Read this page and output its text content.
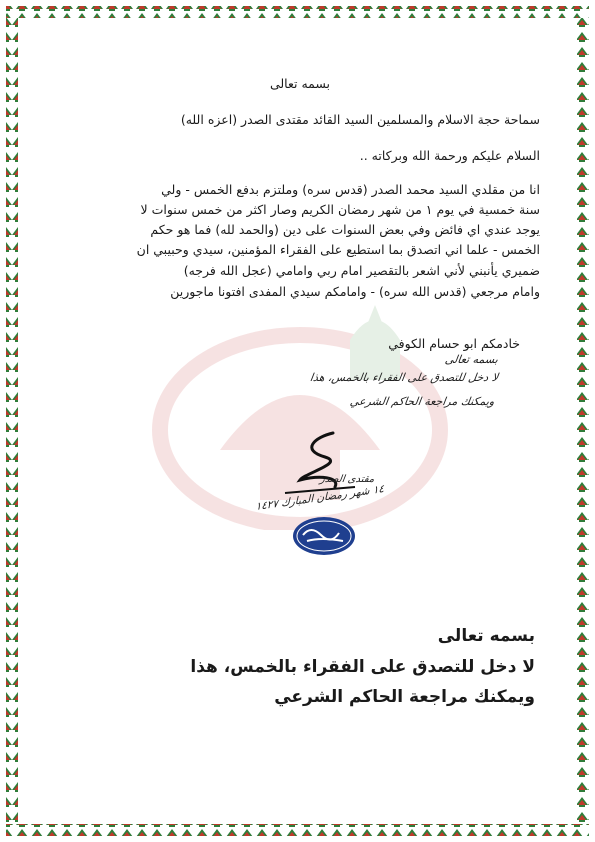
بسمه تعالى
سماحة حجة الاسلام والمسلمين السيد القائد مقتدى الصدر (اعزه الله)
السلام عليكم ورحمة الله وبركاته ..
انا من مقلدي السيد محمد الصدر (قدس سره) وملتزم بدفع الخمس - ولي
سنة خمسية في يوم ١ من شهر رمضان الكريم وصار اكثر من خمس سنوات لا
يوجد عندي اي فائض وفي بعض السنوات على دين (والحمد لله) فما هو حكم
الخمس - علما اني اتصدق بما استطيع على الفقراء المؤمنين، سيدي وحبيبي ان
ضميري يأنبني لأني اشعر بالتقصير امام ربي وامامي (عجل الله فرجه)
وامام مرجعي (قدس الله سره) - وامامكم سيدي المفدى افتونا ماجورين
خادمكم ابو حسام الكوفي
بسمه تعالى
لا دخل للتصدق على الفقراء بالخمس، هذا
ويمكنك مراجعة الحاكم الشرعي
مقتدى الصدر
١٤ شهر رمضان المبارك ١٤٢٧
بسمه تعالى
لا دخل للتصدق على الفقراء بالخمس، هذا
ويمكنك مراجعة الحاكم الشرعي
